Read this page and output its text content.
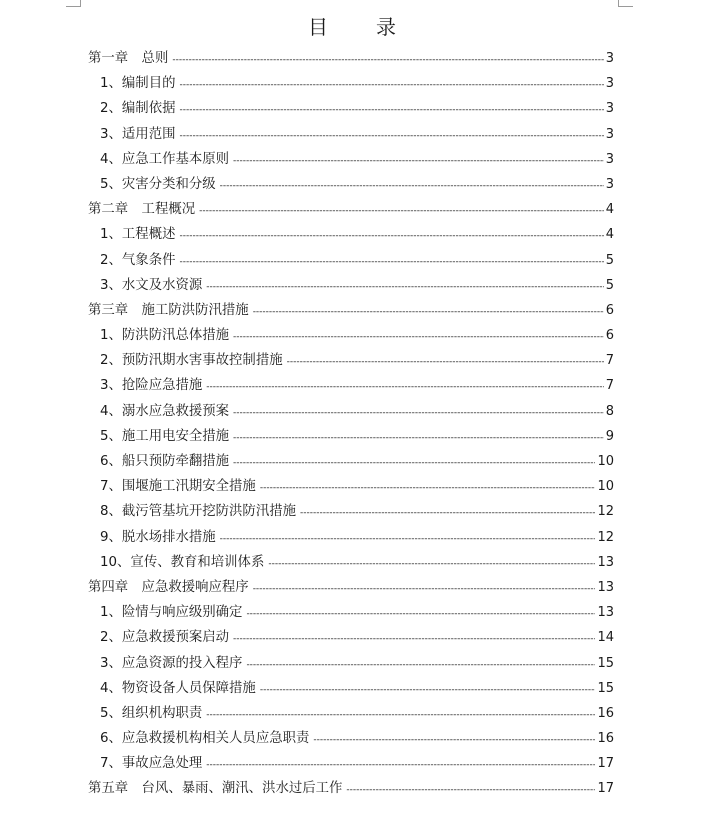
目　录
第一章　总则 -----	3
1、编制目的 -----	3
2、编制依据 -----	3
3、适用范围 -----	3
4、应急工作基本原则 -----	3
5、灾害分类和分级 -----	3
第二章　工程概况 -----	4
1、工程概述 -----	4
2、气象条件 -----	5
3、水文及水资源 -----	5
第三章　施工防洪防汛措施 -----	6
1、防洪防汛总体措施 -----	6
2、预防汛期水害事故控制措施 -----	7
3、抢险应急措施 -----	7
4、溺水应急救援预案 -----	8
5、施工用电安全措施 -----	9
6、船只预防牵翻措施 -----	10
7、围堰施工汛期安全措施 -----	10
8、截污管基坑开挖防洪防汛措施 -----	12
9、脱水场排水措施 -----	12
10、宣传、教育和培训体系 -----	13
第四章　应急救援响应程序 -----	13
1、险情与响应级别确定 -----	13
2、应急救援预案启动 -----	14
3、应急资源的投入程序 -----	15
4、物资设备人员保障措施 -----	15
5、组织机构职责 -----	16
6、应急救援机构相关人员应急职责 -----	16
7、事故应急处理 -----	17
第五章　台风、暴雨、潮汛、洪水过后工作 -----	17
